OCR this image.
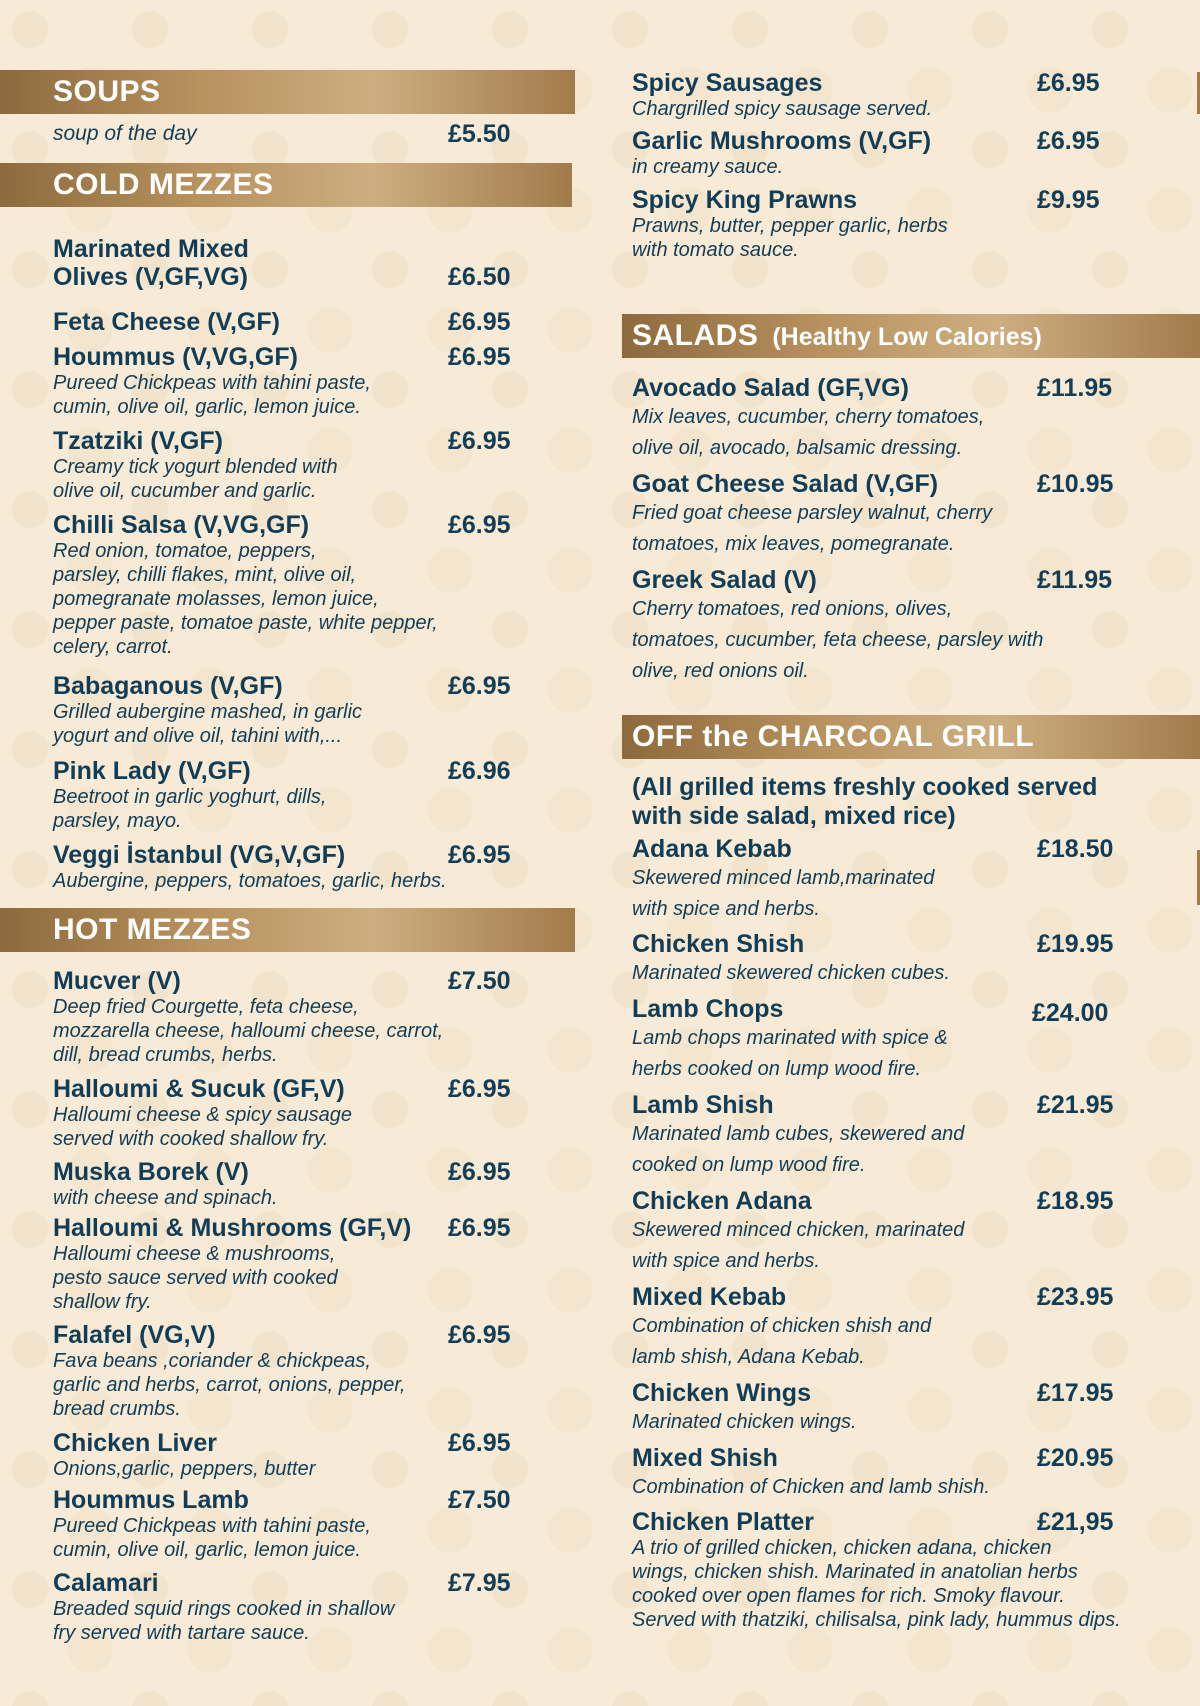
SOUPS
soup of the day	£5.50
COLD MEZZES
Marinated Mixed
Olives (V,GF,VG)	£6.50
Feta Cheese (V,GF)	£6.95
Hoummus (V,VG,GF)	£6.95
Pureed Chickpeas with tahini paste,
cumin, olive oil, garlic, lemon juice.
Tzatziki (V,GF)	£6.95
Creamy tick yogurt blended with
olive oil, cucumber and garlic.
Chilli Salsa (V,VG,GF)	£6.95
Red onion, tomatoe, peppers,
parsley, chilli flakes, mint, olive oil,
pomegranate molasses, lemon juice,
pepper paste, tomatoe paste, white pepper,
celery, carrot.
Babaganous (V,GF)	£6.95
Grilled aubergine mashed, in garlic
yogurt and olive oil, tahini with,...
Pink Lady (V,GF)	£6.96
Beetroot in garlic yoghurt, dills,
parsley, mayo.
Veggi İstanbul (VG,V,GF)	£6.95
Aubergine, peppers, tomatoes, garlic, herbs.
HOT MEZZES
Mucver (V)	£7.50
Deep fried Courgette, feta cheese,
mozzarella cheese, halloumi cheese, carrot,
dill, bread crumbs, herbs.
Halloumi & Sucuk (GF,V)	£6.95
Halloumi cheese & spicy sausage
served with cooked shallow fry.
Muska Borek (V)	£6.95
with cheese and spinach.
Halloumi & Mushrooms (GF,V)	£6.95
Halloumi cheese & mushrooms,
pesto sauce served with cooked
shallow fry.
Falafel (VG,V)	£6.95
Fava beans ,coriander & chickpeas,
garlic and herbs, carrot, onions, pepper,
bread crumbs.
Chicken Liver	£6.95
Onions,garlic, peppers, butter
Hoummus Lamb	£7.50
Pureed Chickpeas with tahini paste,
cumin, olive oil, garlic, lemon juice.
Calamari	£7.95
Breaded squid rings cooked in shallow
fry served with tartare sauce.
Spicy Sausages	£6.95
Chargrilled spicy sausage served.
Garlic Mushrooms (V,GF)	£6.95
in creamy sauce.
Spicy King Prawns	£9.95
Prawns, butter, pepper garlic, herbs
with tomato sauce.
SALADS (Healthy Low Calories)
Avocado Salad (GF,VG)	£11.95
Mix leaves, cucumber, cherry tomatoes,
olive oil, avocado, balsamic dressing.
Goat Cheese Salad (V,GF)	£10.95
Fried goat cheese parsley walnut, cherry
tomatoes, mix leaves, pomegranate.
Greek Salad (V)	£11.95
Cherry tomatoes, red onions, olives,
tomatoes, cucumber, feta cheese, parsley with
olive, red onions oil.
OFF the CHARCOAL GRILL
(All grilled items freshly cooked served
with side salad, mixed rice)
Adana Kebab	£18.50
Skewered minced lamb,marinated
with spice and herbs.
Chicken Shish	£19.95
Marinated skewered chicken cubes.
Lamb Chops	£24.00
Lamb chops marinated with spice &
herbs cooked on lump wood fire.
Lamb Shish	£21.95
Marinated lamb cubes, skewered and
cooked on lump wood fire.
Chicken Adana	£18.95
Skewered minced chicken, marinated
with spice and herbs.
Mixed Kebab	£23.95
Combination of chicken shish and
lamb shish, Adana Kebab.
Chicken Wings	£17.95
Marinated chicken wings.
Mixed Shish	£20.95
Combination of Chicken and lamb shish.
Chicken Platter	£21,95
A trio of grilled chicken, chicken adana, chicken
wings, chicken shish. Marinated in anatolian herbs
cooked over open flames for rich. Smoky flavour.
Served with thatziki, chilisalsa, pink lady, hummus dips.
